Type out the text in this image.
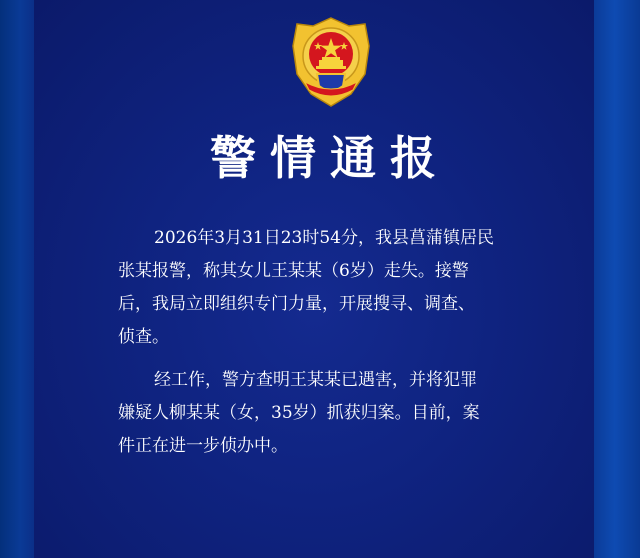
警情通报

2026年3月31日23时54分，我县菖蒲镇居民
张某报警，称其女儿王某某（6岁）走失。接警
后，我局立即组织专门力量，开展搜寻、调查、
侦查。

经工作，警方查明王某某已遇害，并将犯罪
嫌疑人柳某某（女，35岁）抓获归案。目前，案
件正在进一步侦办中。
